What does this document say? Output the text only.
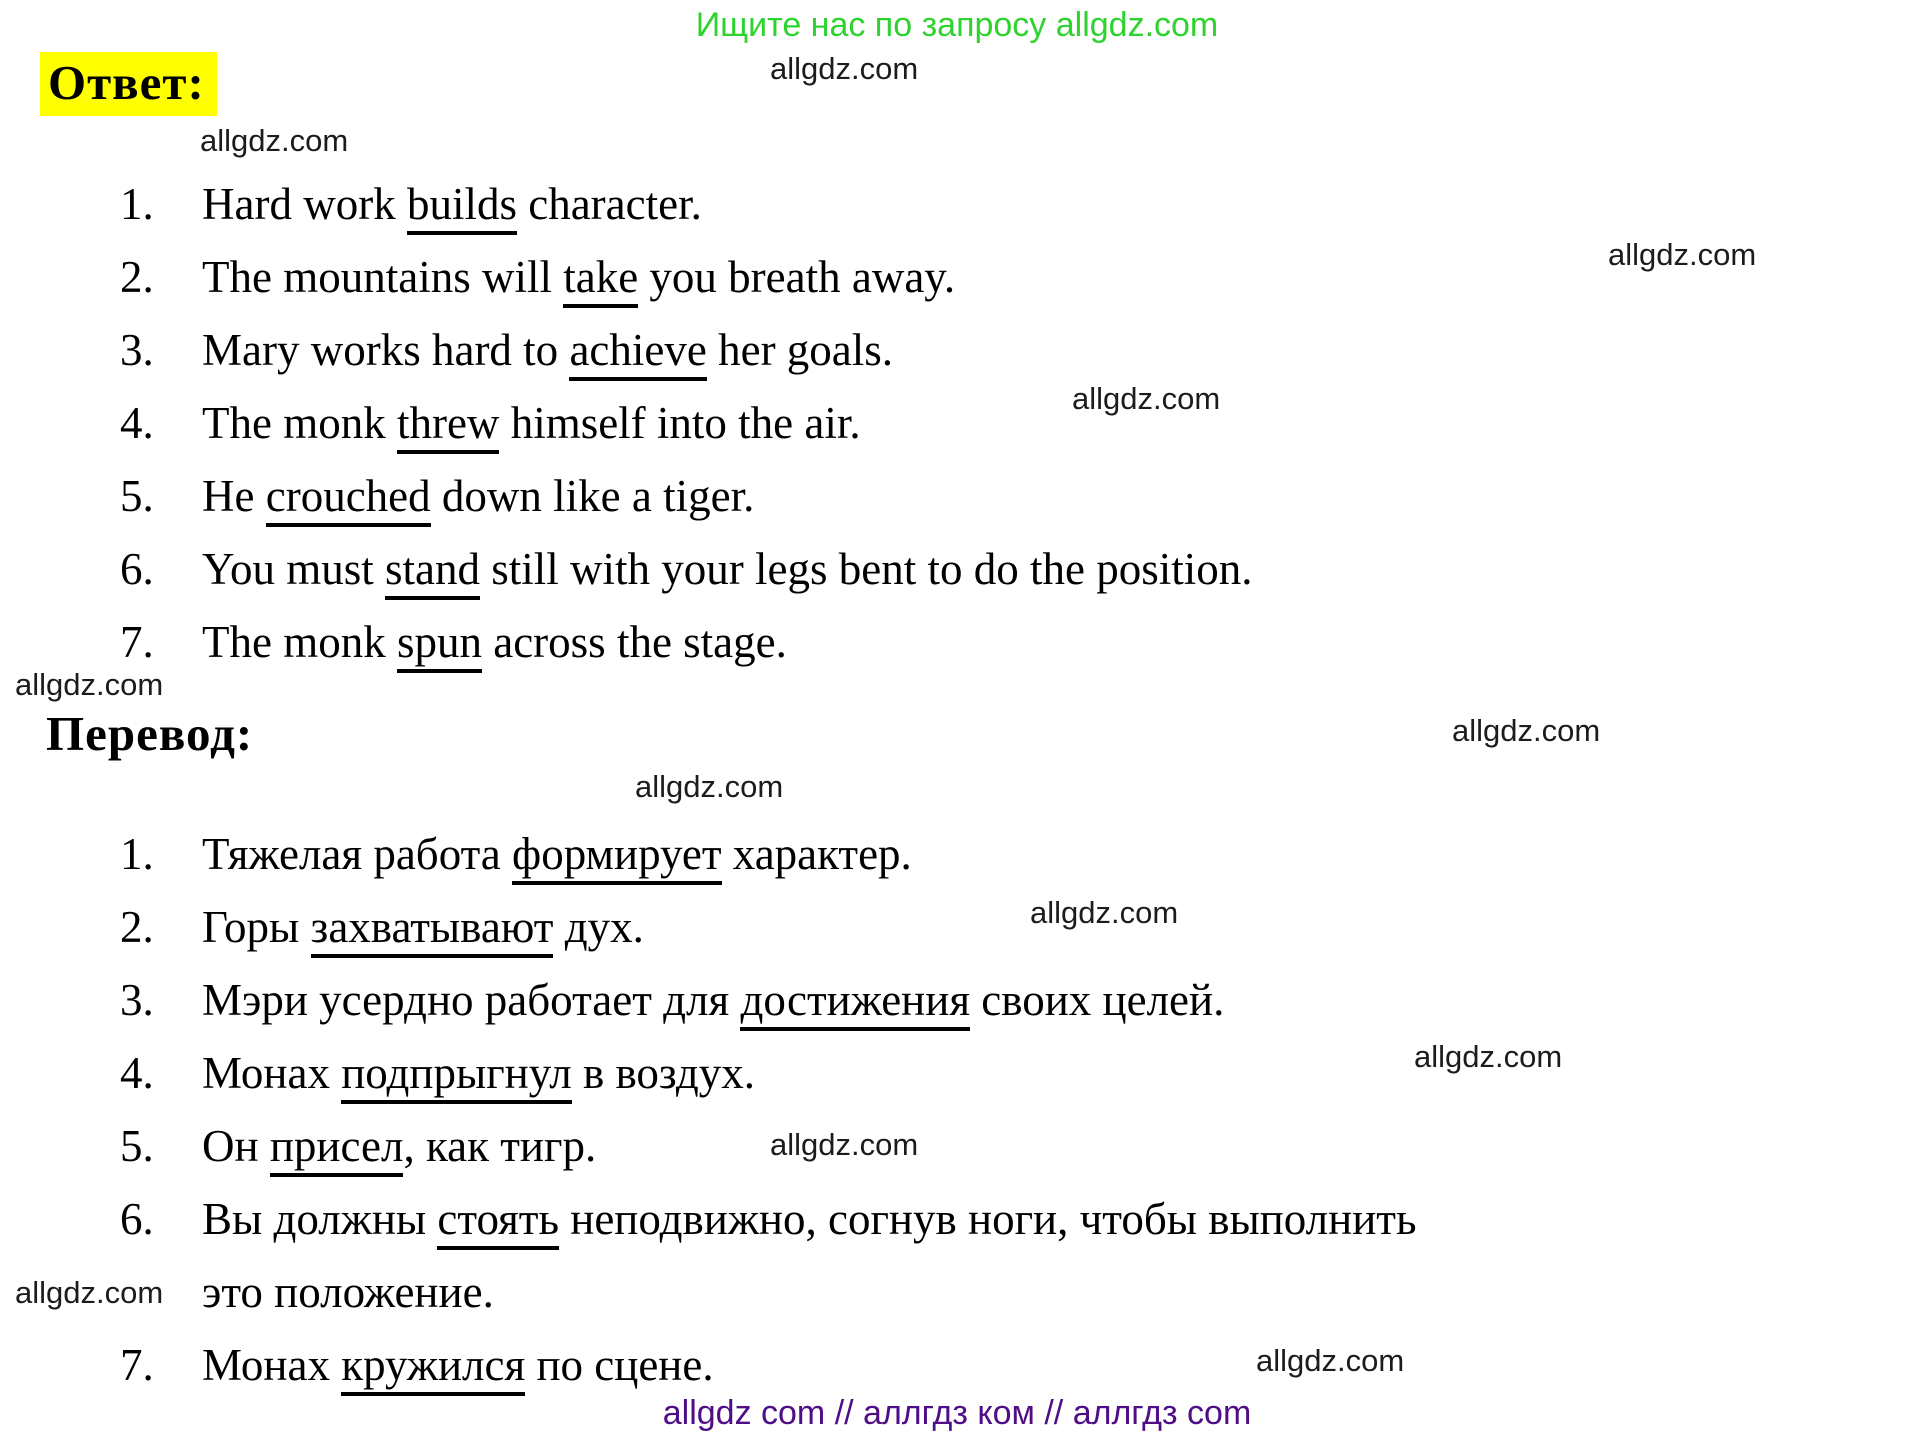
Ищите нас по запросу allgdz.com
allgdz.com
allgdz.com
allgdz.com
allgdz.com
allgdz.com
allgdz.com
allgdz.com
allgdz.com
allgdz.com
allgdz.com
allgdz.com
allgdz.com
Ответ:
1. Hard work builds character.
2. The mountains will take you breath away.
3. Mary works hard to achieve her goals.
4. The monk threw himself into the air.
5. He crouched down like a tiger.
6. You must stand still with your legs bent to do the position.
7. The monk spun across the stage.
Перевод:
1. Тяжелая работа формирует характер.
2. Горы захватывают дух.
3. Мэри усердно работает для достижения своих целей.
4. Монах подпрыгнул в воздух.
5. Он присел, как тигр.
6. Вы должны стоять неподвижно, согнув ноги, чтобы выполнить
это положение.
7. Монах кружился по сцене.
allgdz com // аллгдз ком // аллгдз com
